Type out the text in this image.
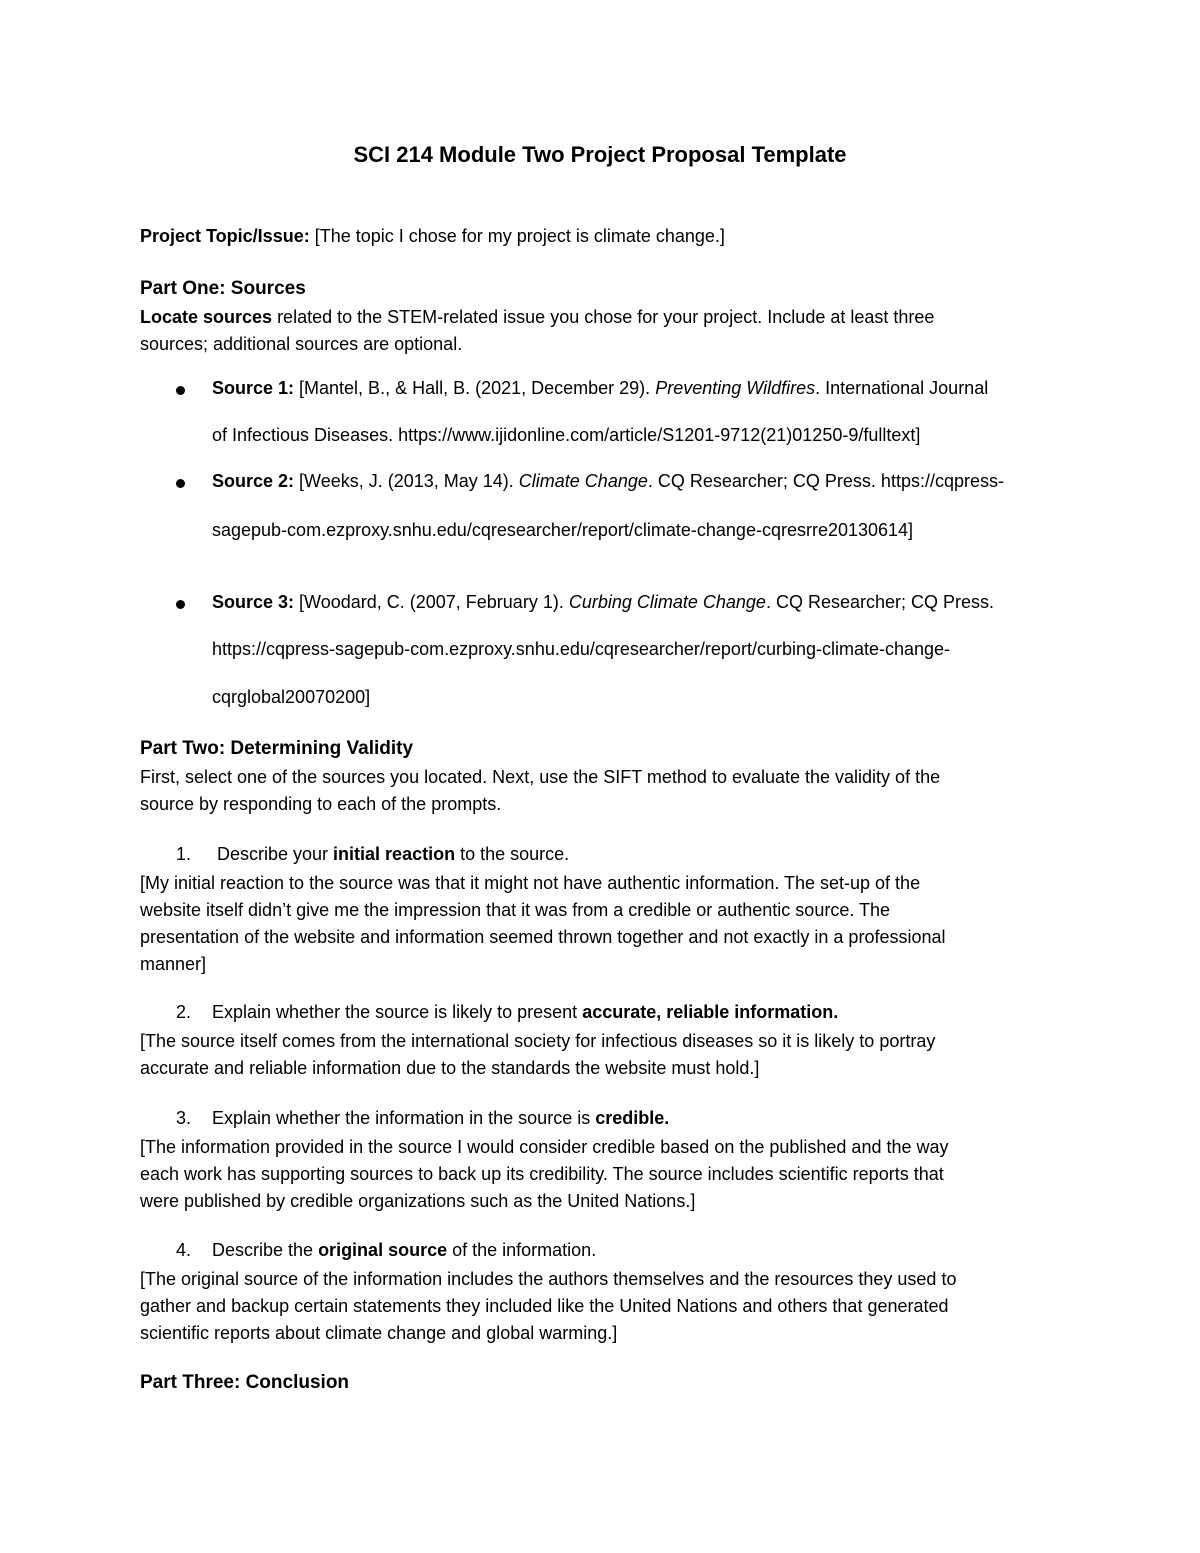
SCI 214 Module Two Project Proposal Template
Project Topic/Issue: [The topic I chose for my project is climate change.]
Part One: Sources
Locate sources related to the STEM-related issue you chose for your project. Include at least three
sources; additional sources are optional.
Source 1: [Mantel, B., & Hall, B. (2021, December 29). Preventing Wildfires. International Journal
of Infectious Diseases. https://www.ijidonline.com/article/S1201-9712(21)01250-9/fulltext]
Source 2: [Weeks, J. (2013, May 14). Climate Change. CQ Researcher; CQ Press. https://cqpress-
sagepub-com.ezproxy.snhu.edu/cqresearcher/report/climate-change-cqresrre20130614]
Source 3: [Woodard, C. (2007, February 1). Curbing Climate Change. CQ Researcher; CQ Press.
https://cqpress-sagepub-com.ezproxy.snhu.edu/cqresearcher/report/curbing-climate-change-
cqrglobal20070200]
Part Two: Determining Validity
First, select one of the sources you located. Next, use the SIFT method to evaluate the validity of the
source by responding to each of the prompts.
1. Describe your initial reaction to the source.
[My initial reaction to the source was that it might not have authentic information. The set-up of the
website itself didn’t give me the impression that it was from a credible or authentic source. The
presentation of the website and information seemed thrown together and not exactly in a professional
manner]
2. Explain whether the source is likely to present accurate, reliable information.
[The source itself comes from the international society for infectious diseases so it is likely to portray
accurate and reliable information due to the standards the website must hold.]
3. Explain whether the information in the source is credible.
[The information provided in the source I would consider credible based on the published and the way
each work has supporting sources to back up its credibility. The source includes scientific reports that
were published by credible organizations such as the United Nations.]
4. Describe the original source of the information.
[The original source of the information includes the authors themselves and the resources they used to
gather and backup certain statements they included like the United Nations and others that generated
scientific reports about climate change and global warming.]
Part Three: Conclusion
